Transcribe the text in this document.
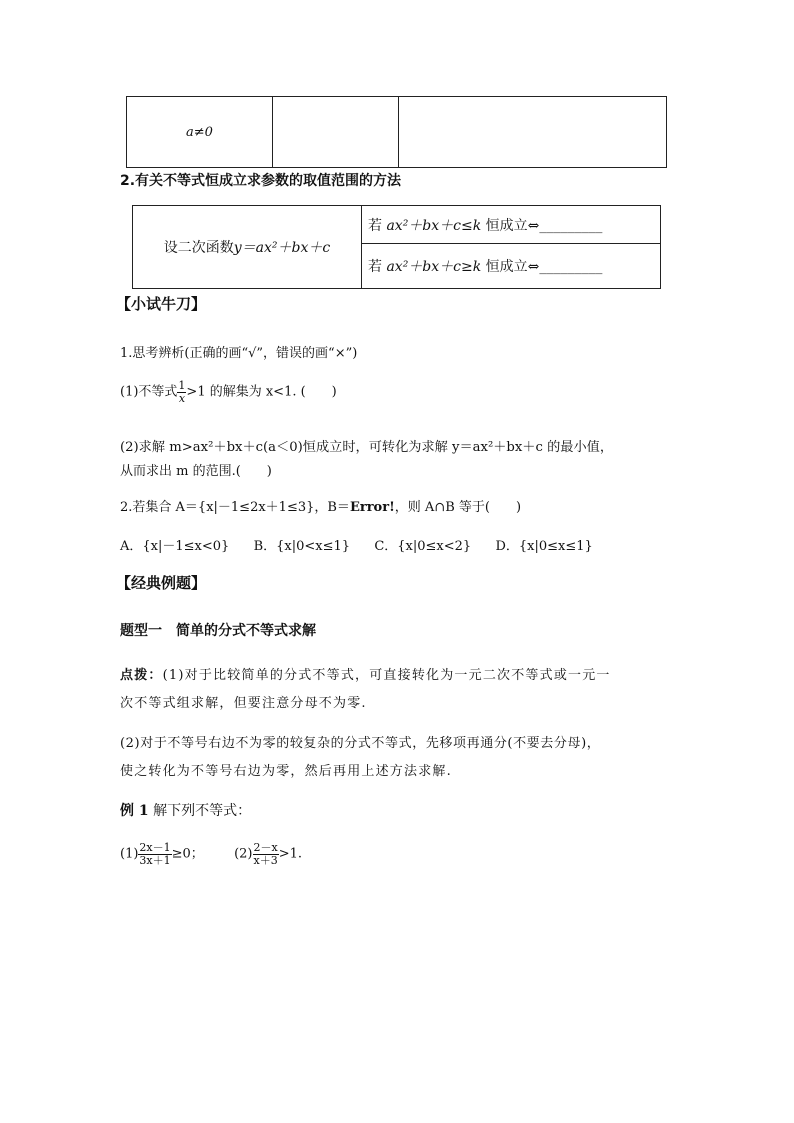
a≠0		
2.有关不等式恒成立求参数的取值范围的方法
设二次函数y＝ax²＋bx＋c	若 ax²＋bx＋c≤k 恒成立⇔_________
若 ax²＋bx＋c≥k 恒成立⇔_________
【小试牛刀】
1.思考辨析(正确的画“√”，错误的画“×”)
(1)不等式 $\frac{1}{x} >1$ 的解集为 x<1. (　　)
(2)求解 m>ax²＋bx＋c(a＜0)恒成立时，可转化为求解 y＝ax²＋bx＋c 的最小值，
从而求出 m 的范围.(　　)
2.若集合 A＝{x|－1≤2x＋1≤3}，B＝Error!，则 A∩B 等于(　　)
A．{x|－1≤x<0} B．{x|0<x≤1} C．{x|0≤x<2} D．{x|0≤x≤1}
【经典例题】
题型一　简单的分式不等式求解
点拨：(1)对于比较简单的分式不等式，可直接转化为一元二次不等式或一元一
次不等式组求解，但要注意分母不为零.
(2)对于不等号右边不为零的较复杂的分式不等式，先移项再通分(不要去分母)，
使之转化为不等号右边为零，然后再用上述方法求解.
例 1 解下列不等式：
$(1) \frac{2x-1}{3x+1} \ge 0$； $(2) \frac{2-x}{x+3} >1$.
